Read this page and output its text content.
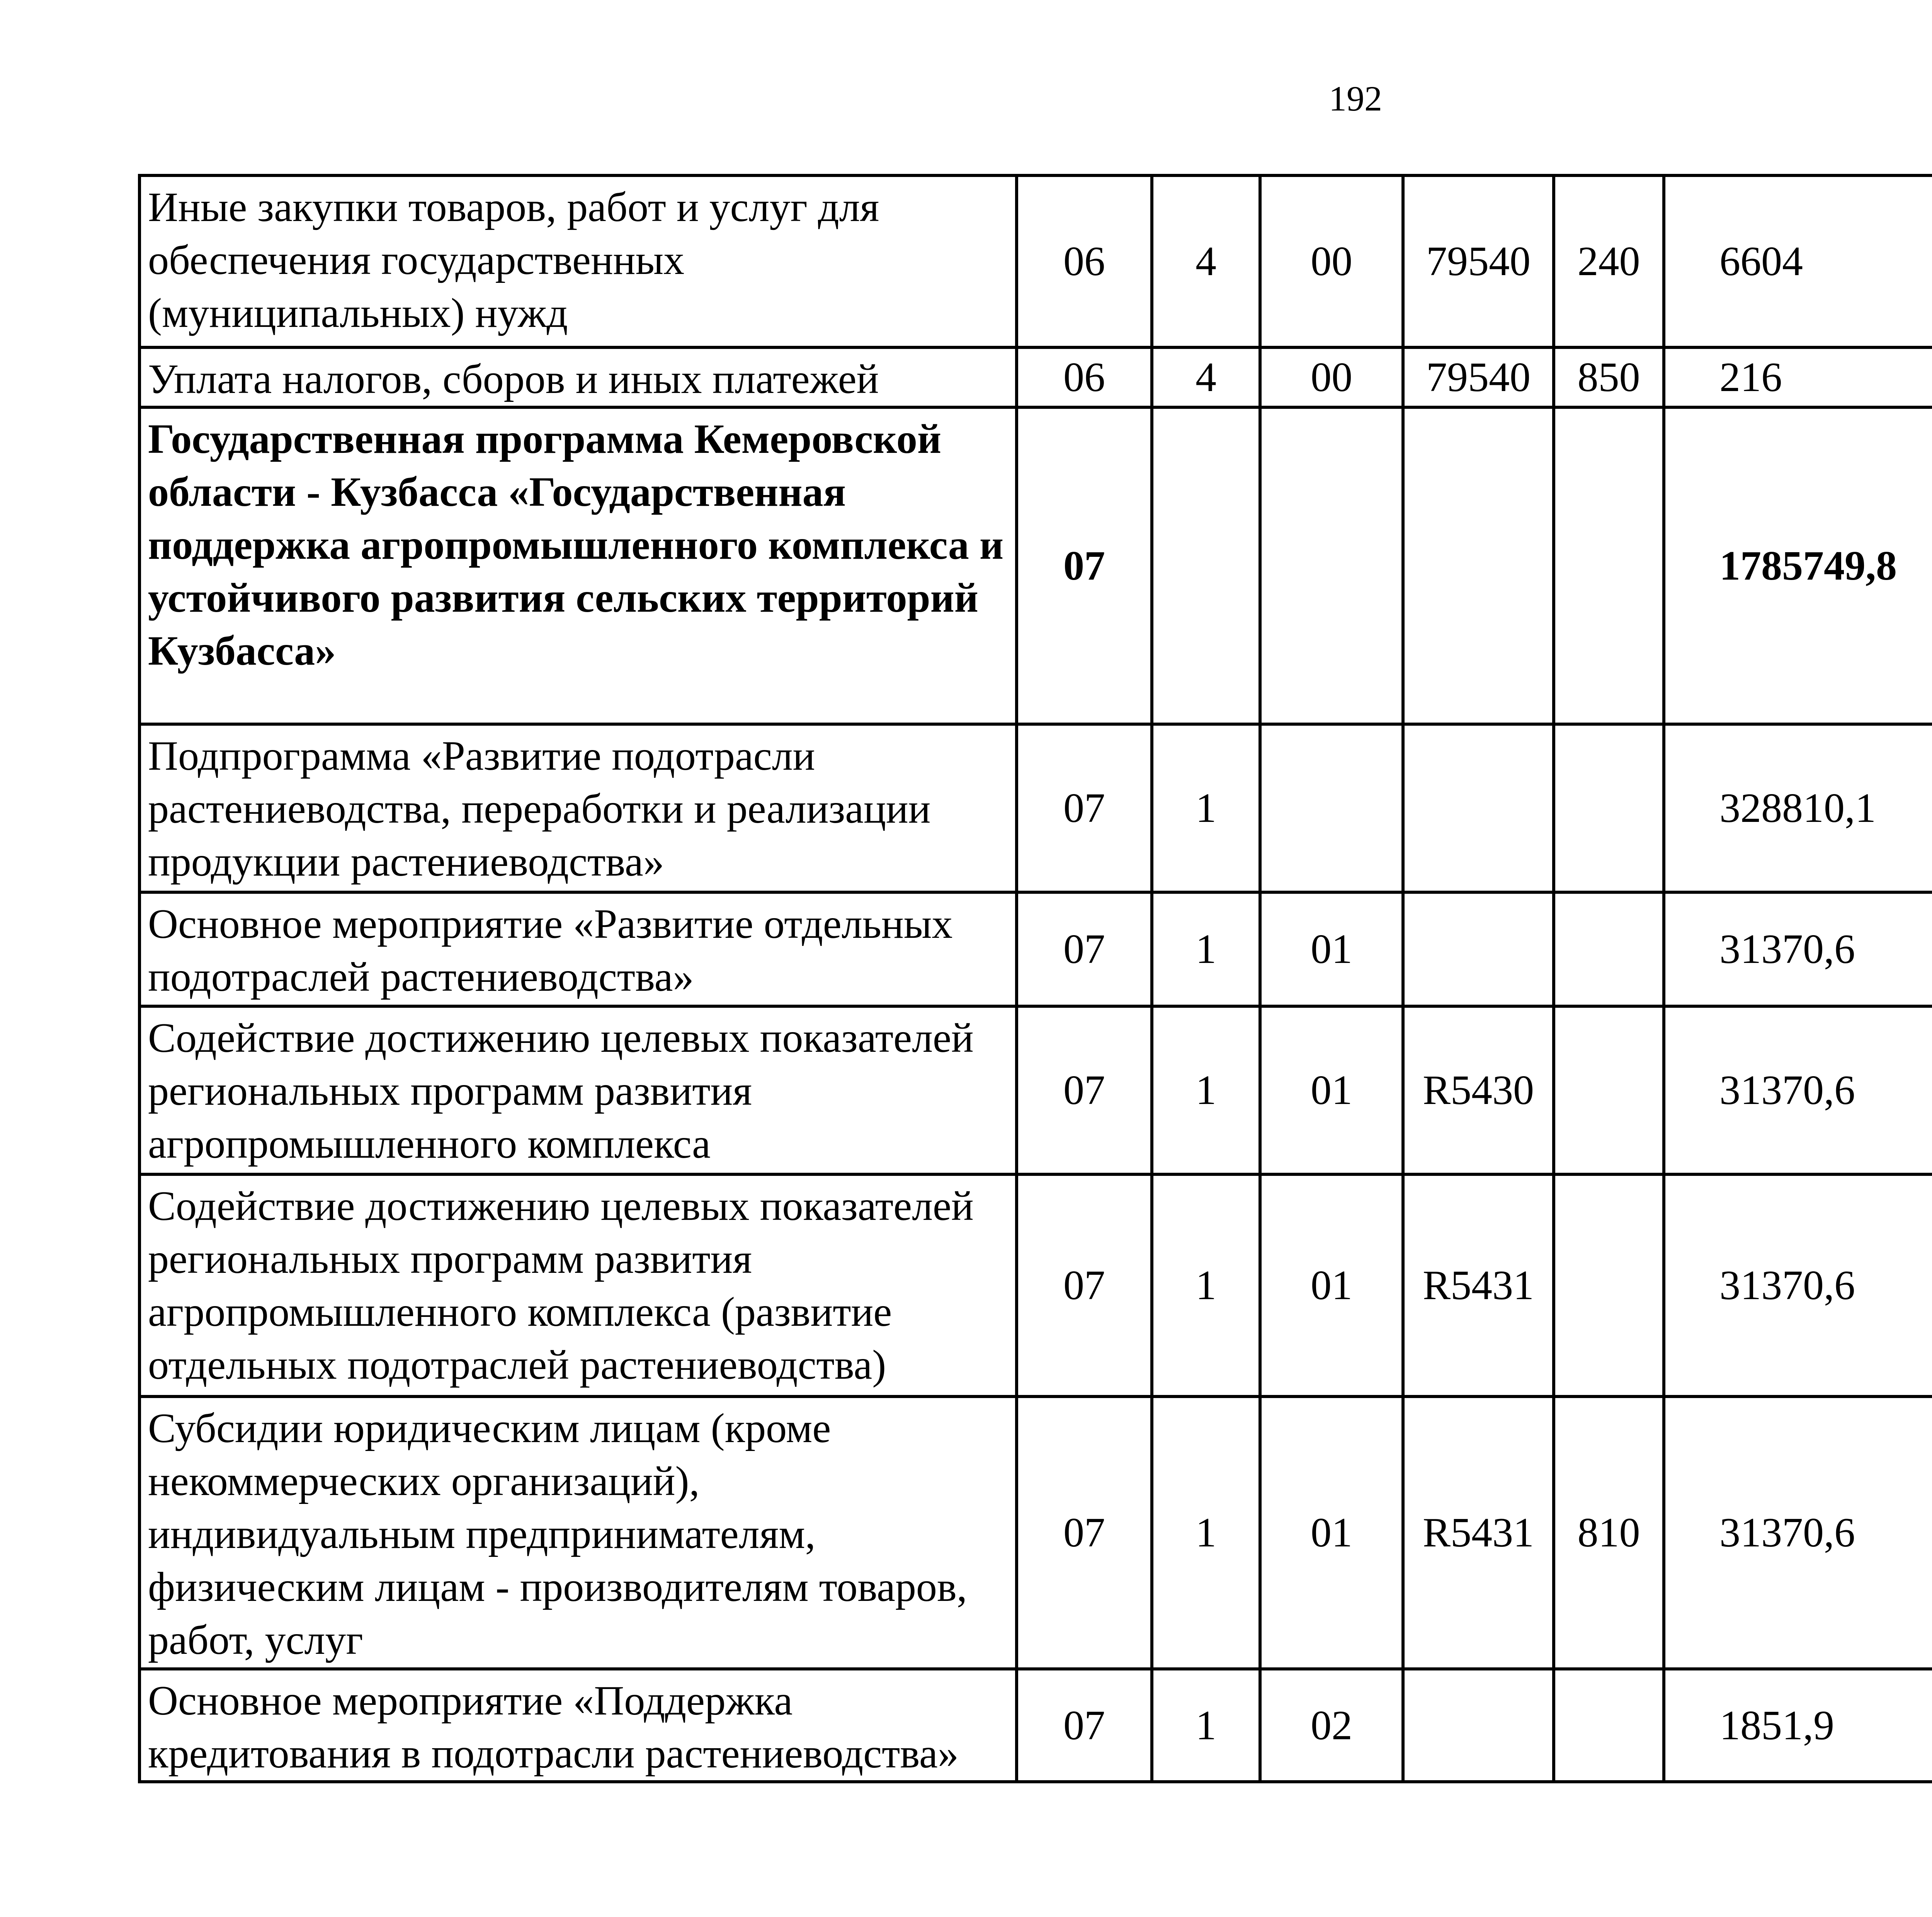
192
Иные закупки товаров, работ и услуг для обеспечения государственных (муниципальных) нужд	06	4	00	79540	240	6604		
Уплата налогов, сборов и иных платежей	06	4	00	79540	850	216		
Государственная программа Кемеровской области - Кузбасса «Государственная поддержка агропромышленного комплекса и устойчивого развития сельских территорий Кузбасса»	07					1785749,8		
Подпрограмма «Развитие подотрасли растениеводства, переработки и реализации продукции растениеводства»	07	1				328810,1		
Основное мероприятие «Развитие отдельных подотраслей растениеводства»	07	1	01			31370,6		
Содействие достижению целевых показателей региональных программ развития агропромышленного комплекса	07	1	01	R5430		31370,6		
Содействие достижению целевых показателей региональных программ развития агропромышленного комплекса (развитие отдельных подотраслей растениеводства)	07	1	01	R5431		31370,6		
Субсидии юридическим лицам (кроме некоммерческих организаций), индивидуальным предпринимателям, физическим лицам - производителям товаров, работ, услуг	07	1	01	R5431	810	31370,6		
Основное мероприятие «Поддержка кредитования в подотрасли растениеводства»	07	1	02			1851,9		
